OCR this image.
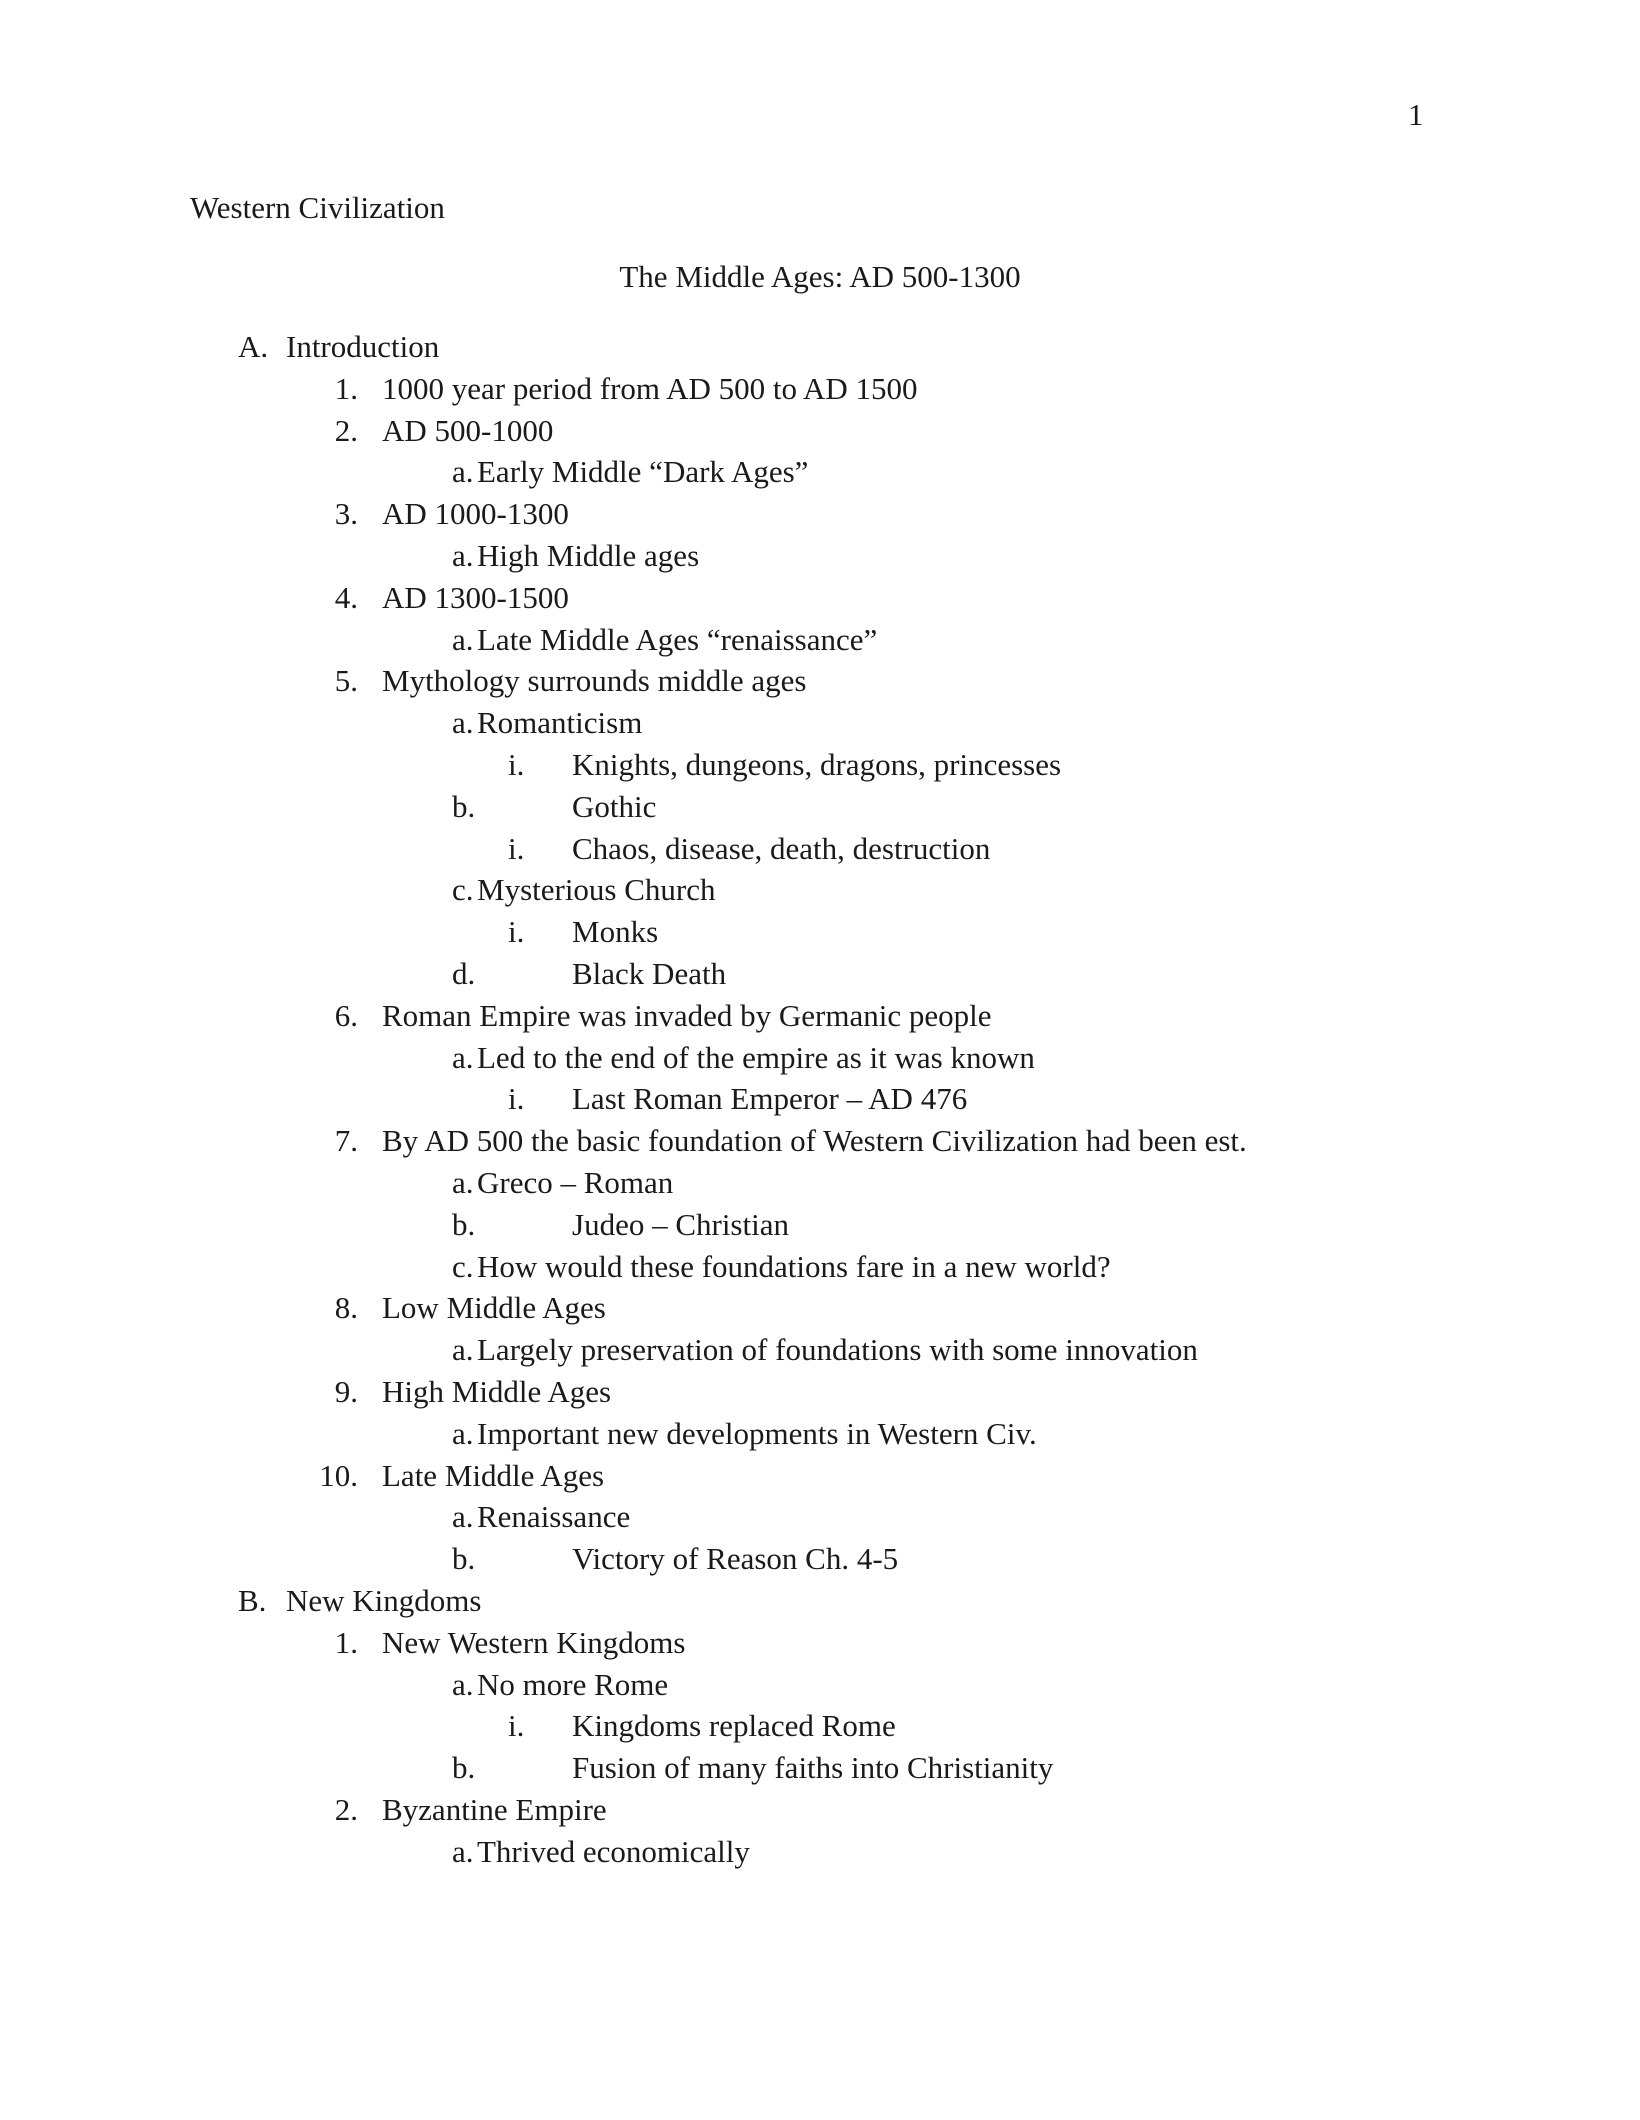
1
Western Civilization
The Middle Ages: AD 500-1300
A. Introduction
1. 1000 year period from AD 500 to AD 1500
2. AD 500-1000
a. Early Middle “Dark Ages”
3. AD 1000-1300
a. High Middle ages
4. AD 1300-1500
a. Late Middle Ages “renaissance”
5. Mythology surrounds middle ages
a. Romanticism
i. Knights, dungeons, dragons, princesses
b.	Gothic
i. Chaos, disease, death, destruction
c. Mysterious Church
i. Monks
d.	Black Death
6. Roman Empire was invaded by Germanic people
a. Led to the end of the empire as it was known
i. Last Roman Emperor – AD 476
7. By AD 500 the basic foundation of Western Civilization had been est.
a. Greco – Roman
b.	Judeo – Christian
c. How would these foundations fare in a new world?
8. Low Middle Ages
a. Largely preservation of foundations with some innovation
9. High Middle Ages
a. Important new developments in Western Civ.
10. Late Middle Ages
a. Renaissance
b.	Victory of Reason Ch. 4-5
B. New Kingdoms
1. New Western Kingdoms
a. No more Rome
i. Kingdoms replaced Rome
b.	Fusion of many faiths into Christianity
2. Byzantine Empire
a. Thrived economically
